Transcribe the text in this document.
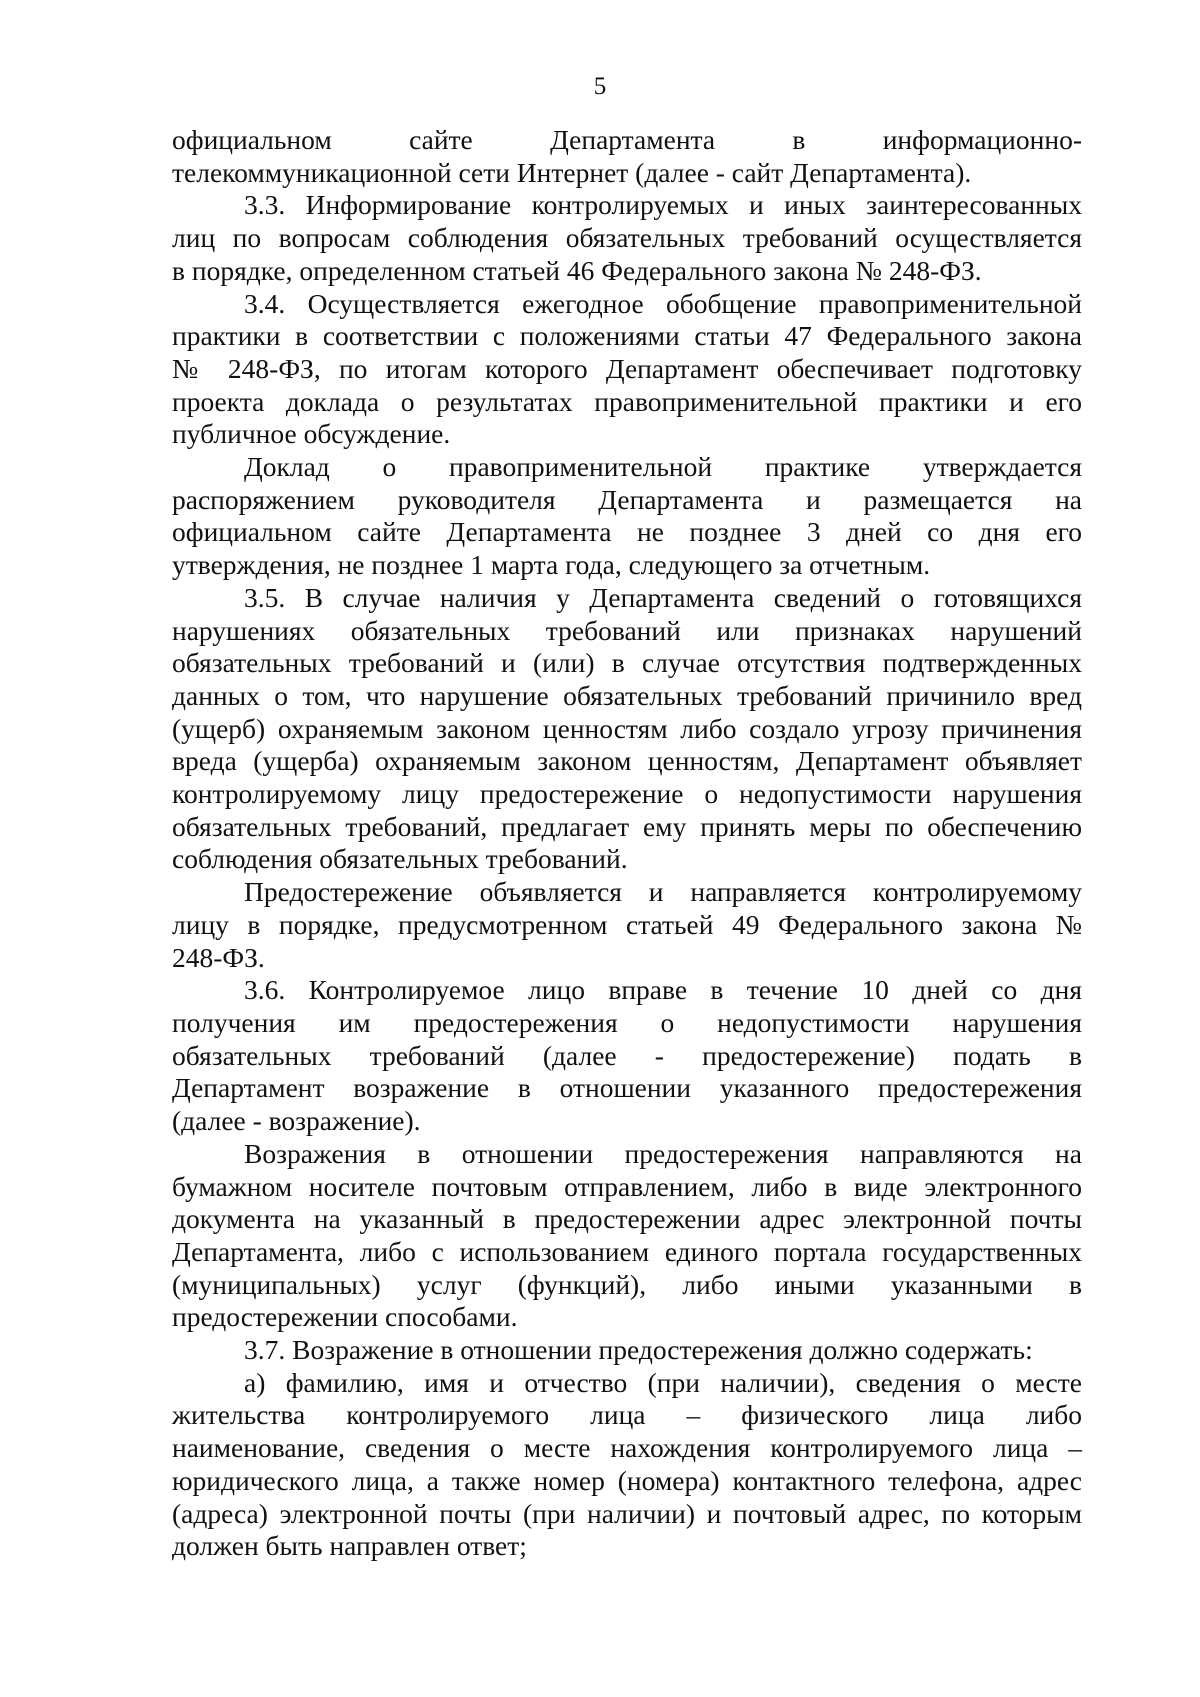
5
официальном сайте Департамента в информационно-
телекоммуникационной сети Интернет (далее - сайт Департамента).
3.3. Информирование контролируемых и иных заинтересованных
лиц по вопросам соблюдения обязательных требований осуществляется
в порядке, определенном статьей 46 Федерального закона № 248-ФЗ.
3.4. Осуществляется ежегодное обобщение правоприменительной
практики в соответствии с положениями статьи 47 Федерального закона
№ 248-ФЗ, по итогам которого Департамент обеспечивает подготовку
проекта доклада о результатах правоприменительной практики и его
публичное обсуждение.
Доклад о правоприменительной практике утверждается
распоряжением руководителя Департамента и размещается на
официальном сайте Департамента не позднее 3 дней со дня его
утверждения, не позднее 1 марта года, следующего за отчетным.
3.5. В случае наличия у Департамента сведений о готовящихся
нарушениях обязательных требований или признаках нарушений
обязательных требований и (или) в случае отсутствия подтвержденных
данных о том, что нарушение обязательных требований причинило вред
(ущерб) охраняемым законом ценностям либо создало угрозу причинения
вреда (ущерба) охраняемым законом ценностям, Департамент объявляет
контролируемому лицу предостережение о недопустимости нарушения
обязательных требований, предлагает ему принять меры по обеспечению
соблюдения обязательных требований.
Предостережение объявляется и направляется контролируемому
лицу в порядке, предусмотренном статьей 49 Федерального закона №
248-ФЗ.
3.6. Контролируемое лицо вправе в течение 10 дней со дня
получения им предостережения о недопустимости нарушения
обязательных требований (далее - предостережение) подать в
Департамент возражение в отношении указанного предостережения
(далее - возражение).
Возражения в отношении предостережения направляются на
бумажном носителе почтовым отправлением, либо в виде электронного
документа на указанный в предостережении адрес электронной почты
Департамента, либо с использованием единого портала государственных
(муниципальных) услуг (функций), либо иными указанными в
предостережении способами.
3.7. Возражение в отношении предостережения должно содержать:
а) фамилию, имя и отчество (при наличии), сведения о месте
жительства контролируемого лица – физического лица либо
наименование, сведения о месте нахождения контролируемого лица –
юридического лица, а также номер (номера) контактного телефона, адрес
(адреса) электронной почты (при наличии) и почтовый адрес, по которым
должен быть направлен ответ;
